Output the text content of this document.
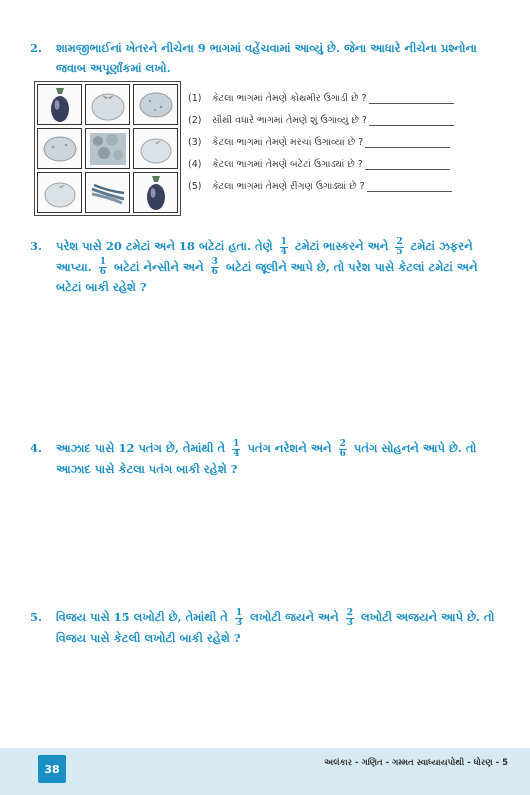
2. શામજીભાઈનાં ખેતરને નીચેના 9 ભાગમાં વહેંચવામાં આવ્યું છે. જેના આધારે નીચેના પ્રશ્નોના જવાબ અપૂર્ણાંકમાં લખો.
(1)	કેટલા ભાગમાં તેમણે કોથમીર ઉગાડી છે ?
(2)	સૌથી વધારે ભાગમાં તેમણે શું ઉગાવ્યું છે ?
(3)	કેટલા ભાગમાં તેમણે મરચાં ઉગાવ્યાં છે ?
(4)	કેટલા ભાગમાં તેમણે બટેટાં ઉગાડ્યાં છે ?
(5)	કેટલા ભાગમાં તેમણે રીંગણ ઉગાડ્યાં છે ?
3. પરેશ પાસે 20 ટમેટાં અને 18 બટેટાં હતા. તેણે $\frac{1}{4}$ ટમેટાં ભાસ્કરને અને $\frac{2}{5}$ ટમેટાં ઝફરને આપ્યા. $\frac{1}{6}$ બટેટાં નેન્સીને અને $\frac{3}{6}$ બટેટાં જૂલીને આપે છે, તો પરેશ પાસે કેટલાં ટમેટાં અને બટેટાં બાકી રહેશે ?
4. આઝાદ પાસે 12 પતંગ છે, તેમાંથી તે $\frac{1}{4}$ પતંગ નરેશને અને $\frac{2}{6}$ પતંગ સોહનને આપે છે. તો આઝાદ પાસે કેટલા પતંગ બાકી રહેશે ?
5. વિજય પાસે 15 લખોટી છે, તેમાંથી તે $\frac{1}{3}$ લખોટી જયને અને $\frac{2}{3}$ લખોટી અજયને આપે છે. તો વિજય પાસે કેટલી લખોટી બાકી રહેશે ?
અલંકાર - ગણિત - ગમ્મત સ્વાધ્યાયપોથી - ધોરણ - 5
38
